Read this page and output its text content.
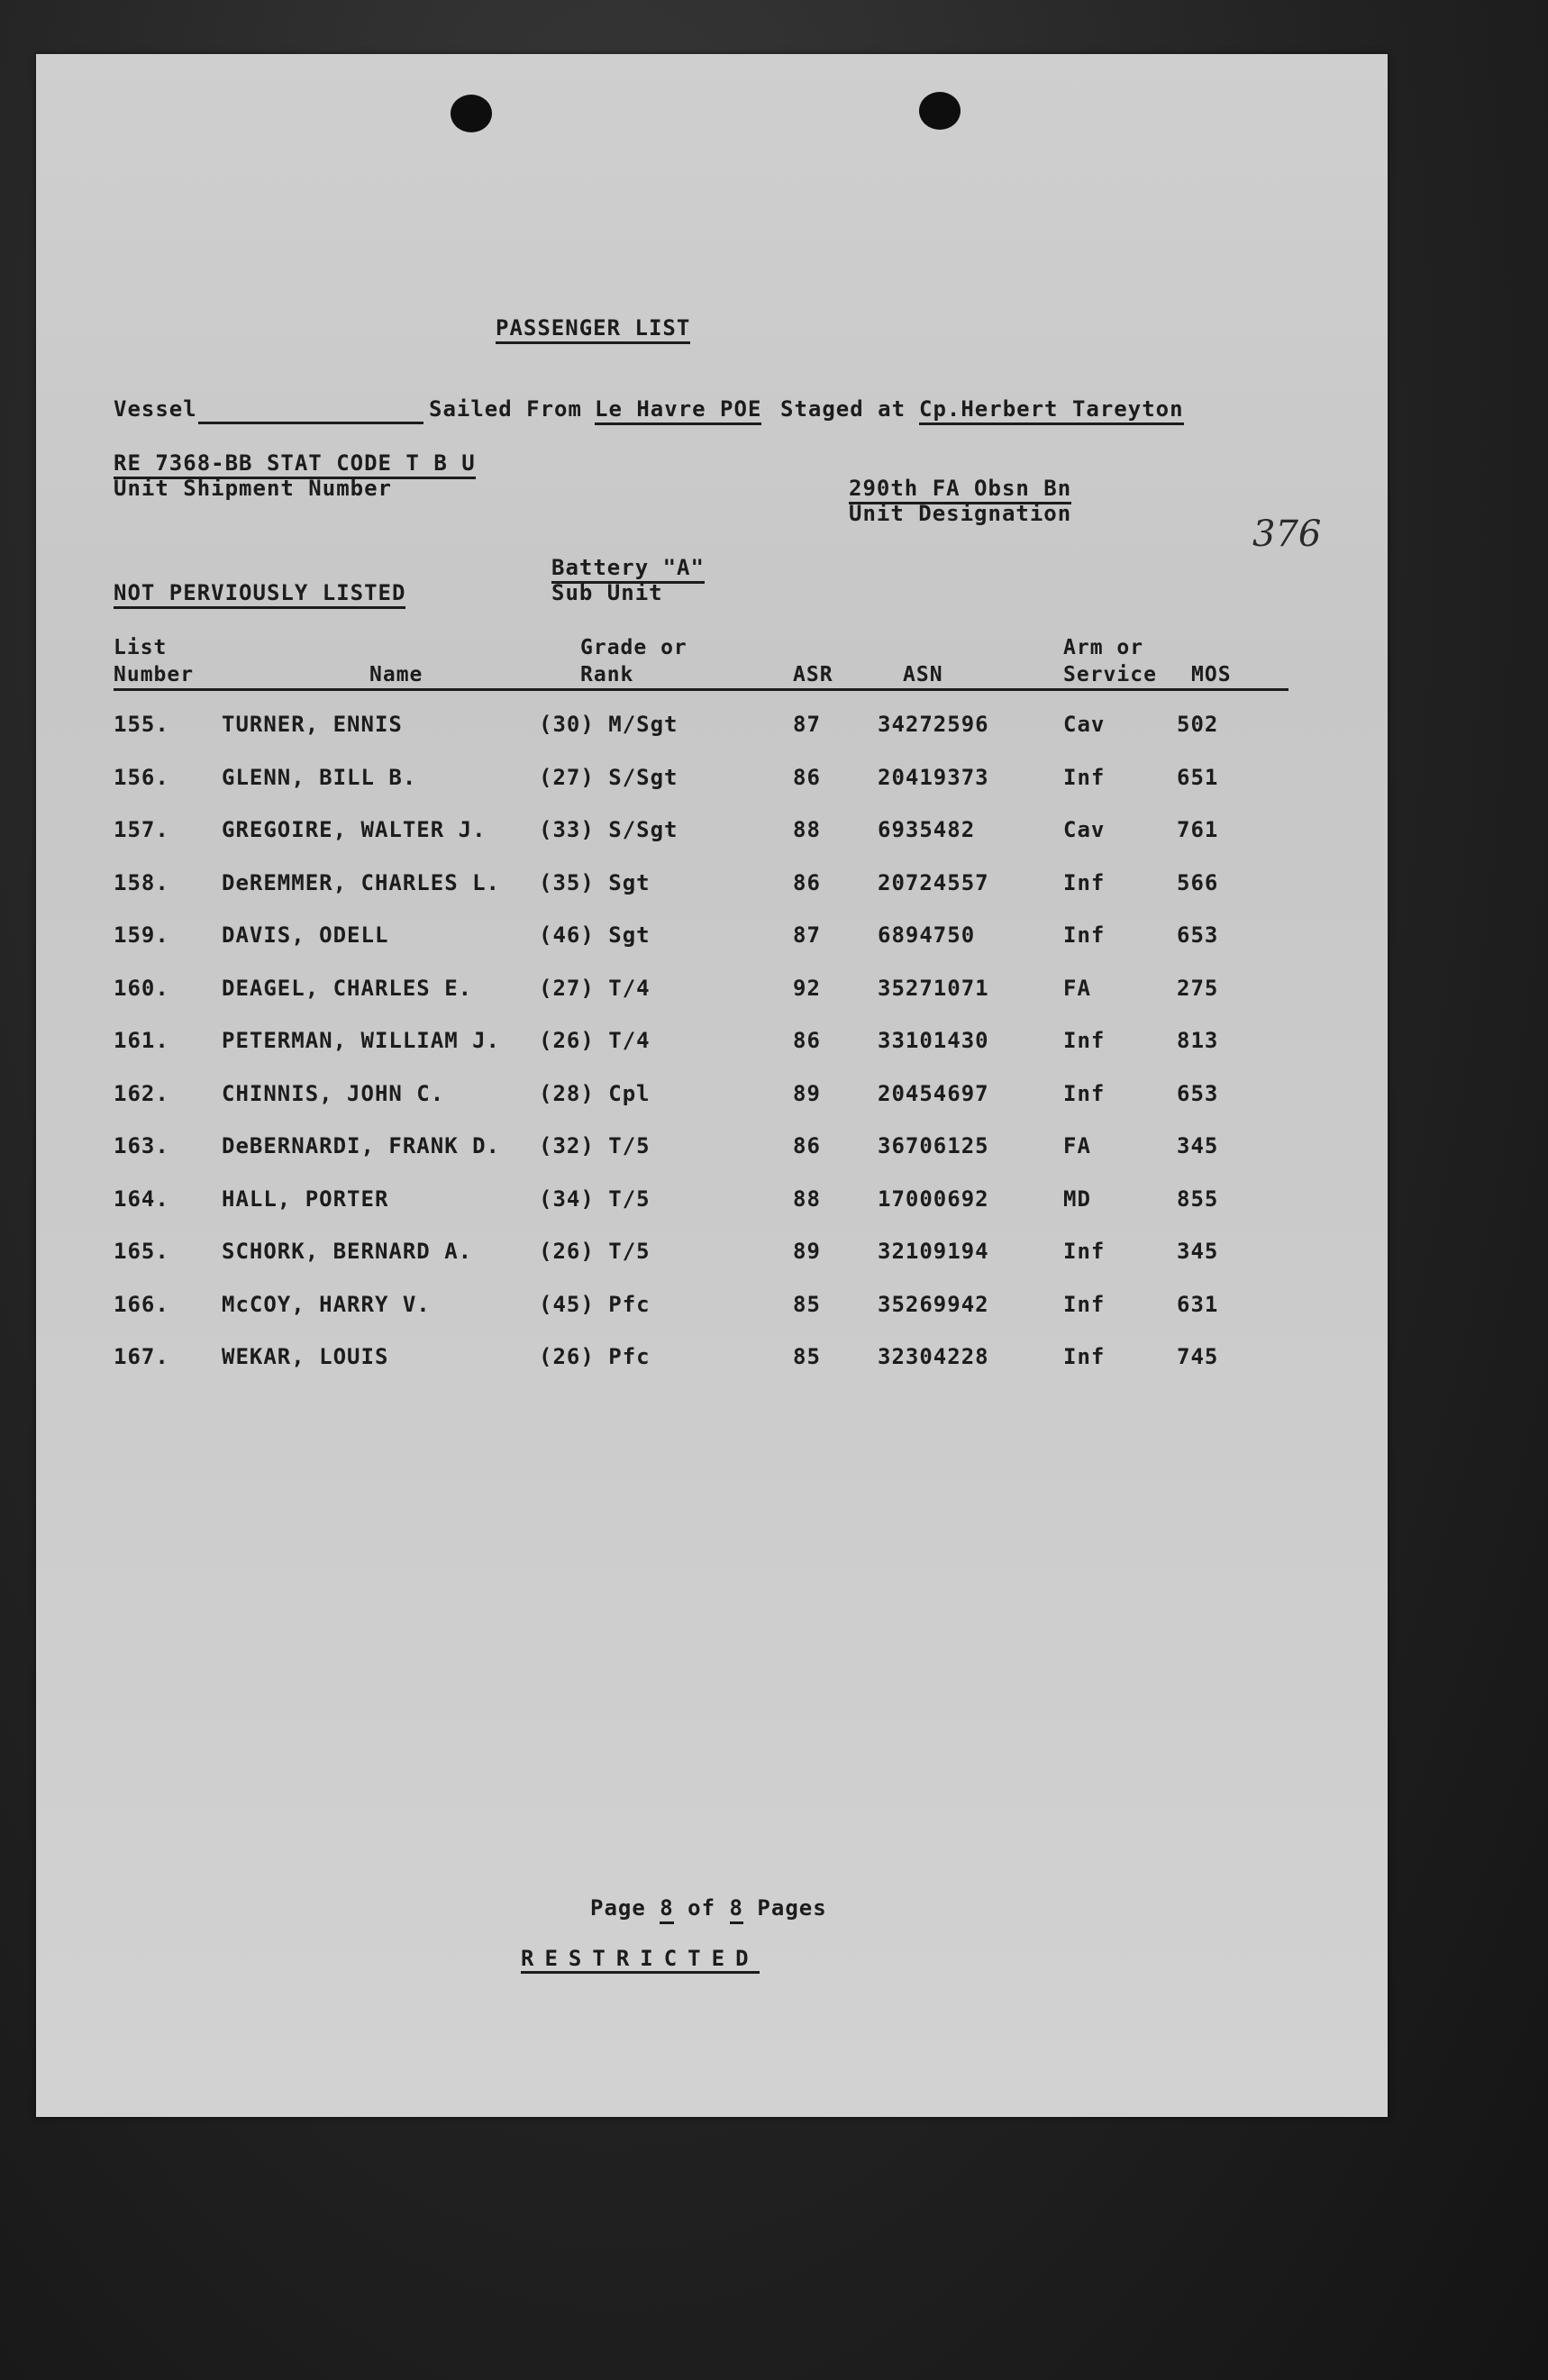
PASSENGER LIST
Vessel	Sailed From Le Havre POE Staged at Cp.Herbert Tareyton
RE 7368-BB STAT CODE T B U
Unit Shipment Number	290th FA Obsn Bn
Unit Designation	376
Battery "A"
Sub Unit
NOT PERVIOUSLY LISTED
List
Number	Name
Grade or
Rank	ASR	ASN
Arm or
Service MOS
155. TURNER, ENNIS	(30) M/Sgt	87	34272596	Cav	502
156. GLENN, BILL B.	(27) S/Sgt	86	20419373	Inf	651
157. GREGOIRE, WALTER J. (33) S/Sgt	88	6935482	Cav	761
158. DeREMMER, CHARLES L. (35) Sgt	86	20724557	Inf	566
159. DAVIS, ODELL	(46) Sgt	87	6894750	Inf	653
160. DEAGEL, CHARLES E.	(27) T/4	92	35271071	FA	275
161. PETERMAN, WILLIAM J. (26) T/4	86	33101430	Inf	813
162. CHINNIS, JOHN C.	(28) Cpl	89	20454697	Inf	653
163. DeBERNARDI, FRANK D. (32) T/5	86	36706125	FA	345
164. HALL, PORTER	(34) T/5	88	17000692	MD	855
165. SCHORK, BERNARD A.	(26) T/5	89	32109194	Inf	345
166. McCOY, HARRY V.	(45) Pfc	85	35269942	Inf	631
167. WEKAR, LOUIS	(26) Pfc	85	32304228	Inf	745
Page 8 of 8 Pages
RESTRICTED
